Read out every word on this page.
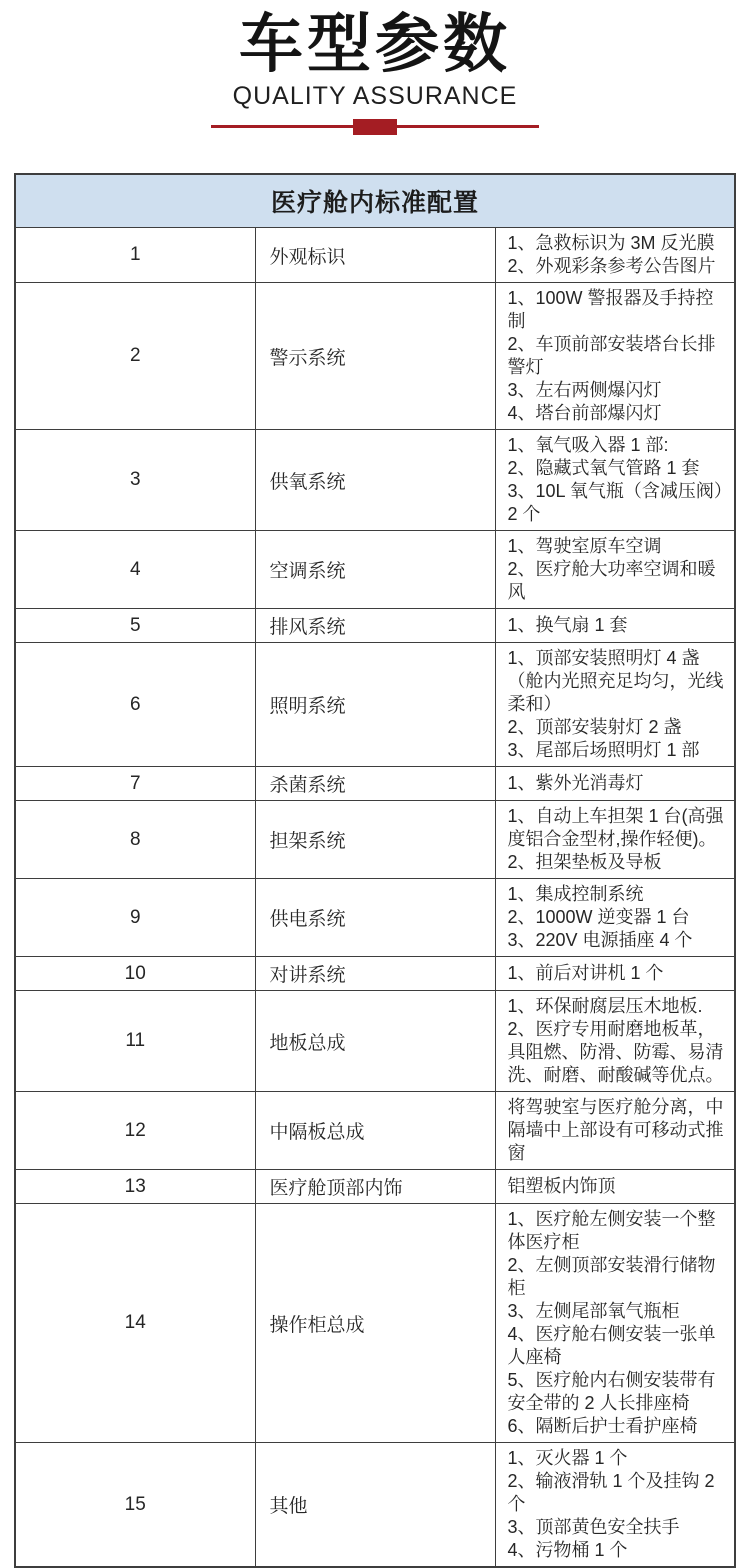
车型参数
QUALITY ASSURANCE
医疗舱内标准配置		
1	外观标识	1、急救标识为 3M 反光膜
2、外观彩条参考公告图片

2	警示系统	1、100W 警报器及手持控制
2、车顶前部安装塔台长排警灯
3、左右两侧爆闪灯
4、塔台前部爆闪灯

3	供氧系统	1、氧气吸入器 1 部:
2、隐藏式氧气管路 1 套
3、10L 氧气瓶（含减压阀）2 个

4	空调系统	1、驾驶室原车空调
2、医疗舱大功率空调和暖风

5	排风系统	1、换气扇 1 套

6	照明系统	1、顶部安装照明灯 4 盏（舱内光照充足均匀，光线柔和）
2、顶部安装射灯 2 盏
3、尾部后场照明灯 1 部

7	杀菌系统	1、紫外光消毒灯

8	担架系统	1、自动上车担架 1 台(高强度铝合金型材,操作轻便)。
2、担架垫板及导板

9	供电系统	1、集成控制系统
2、1000W 逆变器 1 台
3、220V 电源插座 4 个

10	对讲系统	1、前后对讲机 1 个

11	地板总成	1、环保耐腐层压木地板.
2、医疗专用耐磨地板革，具阻燃、防滑、防霉、易清洗、耐磨、耐酸碱等优点。

12	中隔板总成	将驾驶室与医疗舱分离，中隔墙中上部设有可移动式推窗

13	医疗舱顶部内饰	铝塑板内饰顶

14	操作柜总成	
1、医疗舱左侧安装一个整体医疗柜
2、左侧顶部安装滑行储物柜
3、左侧尾部氧气瓶柜
4、医疗舱右侧安装一张单人座椅
5、医疗舱内右侧安装带有安全带的 2 人长排座椅
6、隔断后护士看护座椅

15	其他	1、灭火器 1 个
2、输液滑轨 1 个及挂钩 2 个
3、顶部黄色安全扶手
4、污物桶 1 个
